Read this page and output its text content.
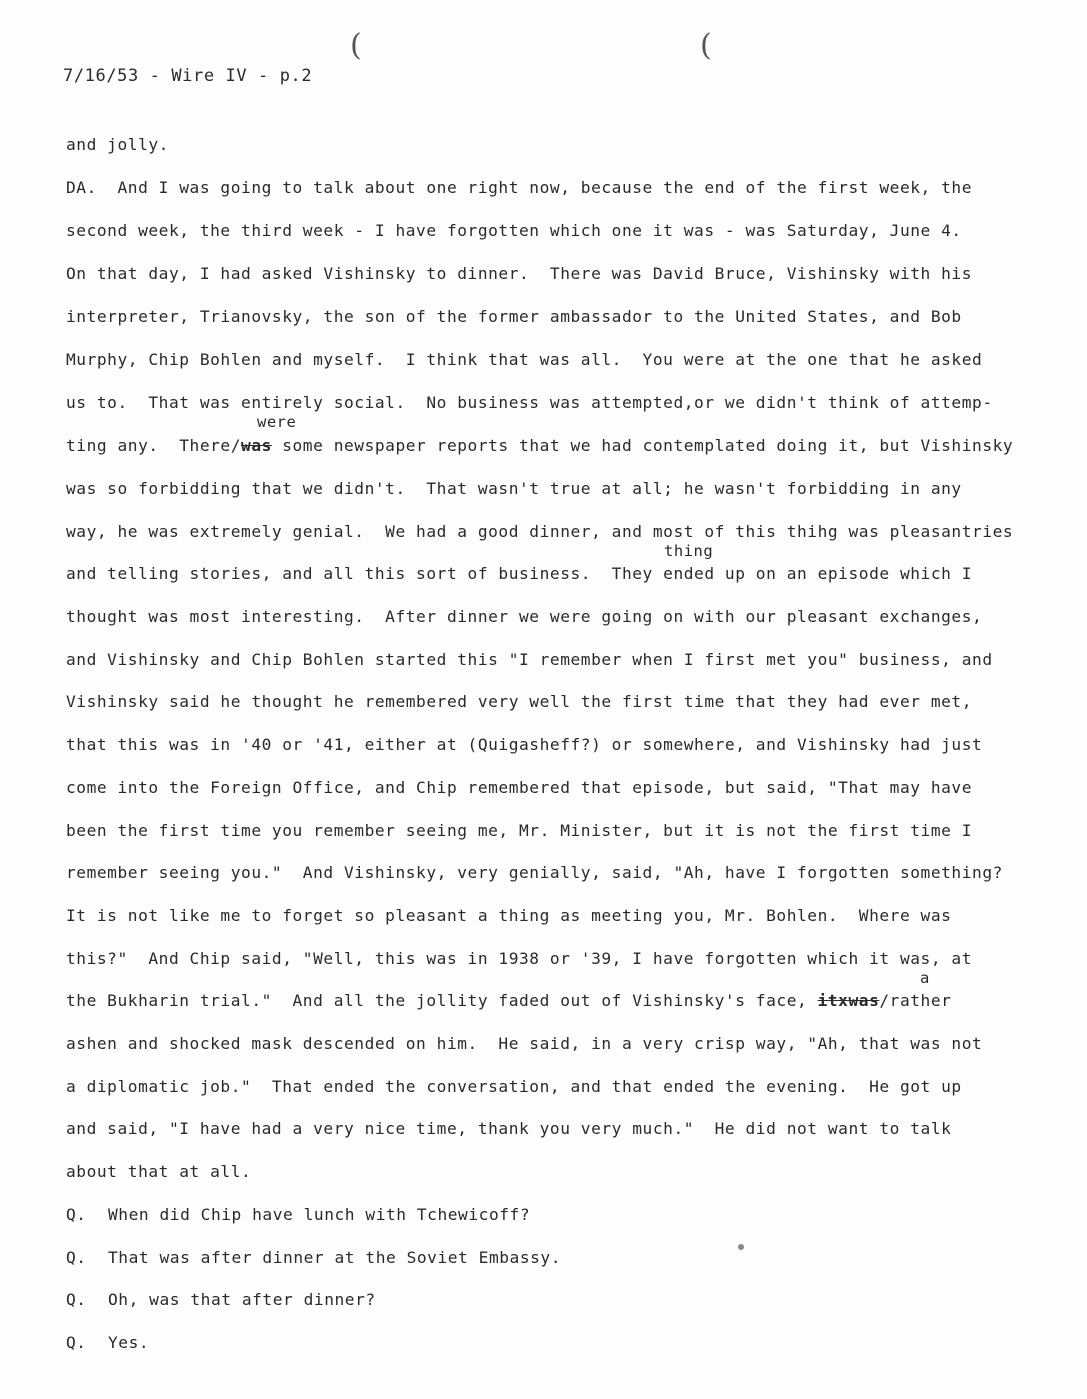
(	(
7/16/53 - Wire IV - p.2
and jolly.
DA.  And I was going to talk about one right now, because the end of the first week, the
second week, the third week - I have forgotten which one it was - was Saturday, June 4.
On that day, I had asked Vishinsky to dinner.  There was David Bruce, Vishinsky with his
interpreter, Trianovsky, the son of the former ambassador to the United States, and Bob
Murphy, Chip Bohlen and myself.  I think that was all.  You were at the one that he asked
us to.  That was entirely social.  No business was attempted,or we didn't think of attemp-
were
ting any.  There/was some newspaper reports that we had contemplated doing it, but Vishinsky
was so forbidding that we didn't.  That wasn't true at all; he wasn't forbidding in any
way, he was extremely genial.  We had a good dinner, and most of this thihg was pleasantries
thing
and telling stories, and all this sort of business.  They ended up on an episode which I
thought was most interesting.  After dinner we were going on with our pleasant exchanges,
and Vishinsky and Chip Bohlen started this "I remember when I first met you" business, and
Vishinsky said he thought he remembered very well the first time that they had ever met,
that this was in '40 or '41, either at (Quigasheff?) or somewhere, and Vishinsky had just
come into the Foreign Office, and Chip remembered that episode, but said, "That may have
been the first time you remember seeing me, Mr. Minister, but it is not the first time I
remember seeing you."  And Vishinsky, very genially, said, "Ah, have I forgotten something?
It is not like me to forget so pleasant a thing as meeting you, Mr. Bohlen.  Where was
this?"  And Chip said, "Well, this was in 1938 or '39, I have forgotten which it was, at
a
the Bukharin trial."  And all the jollity faded out of Vishinsky's face, itxwas/rather
ashen and shocked mask descended on him.  He said, in a very crisp way, "Ah, that was not
a diplomatic job."  That ended the conversation, and that ended the evening.  He got up
and said, "I have had a very nice time, thank you very much."  He did not want to talk
about that at all.
Q. When did Chip have lunch with Tchewicoff?
Q. That was after dinner at the Soviet Embassy.
Q. Oh, was that after dinner?
Q. Yes.
